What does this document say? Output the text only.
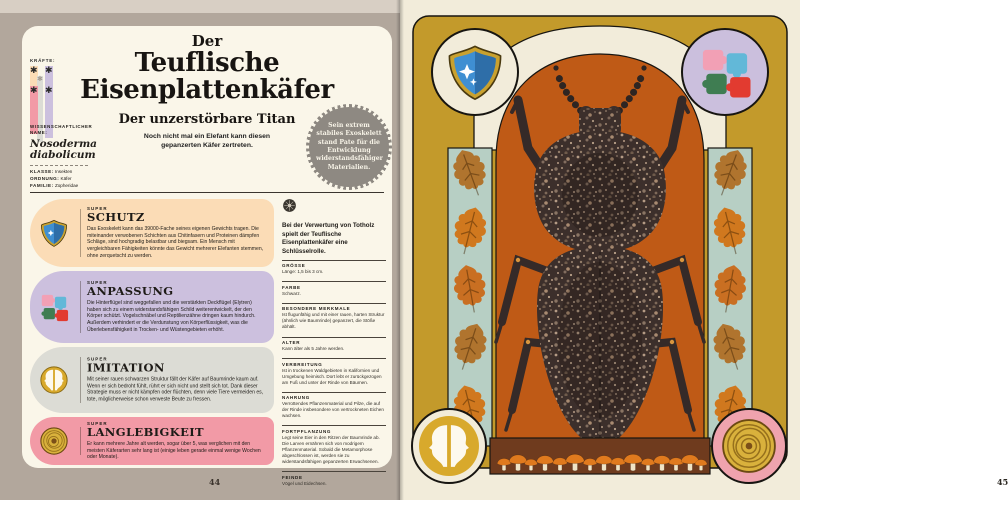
KRÄFTE:
✱ ✱
✱
✱ ✱
Der
Teuflische
Eisenplattenkäfer
Der unzerstörbare Titan
Noch nicht mal ein Elefant kann diesen gepanzerten Käfer zertreten.
WISSENSCHAFTLICHER NAME:
Nosoderma diabolicum
KLASSE: Insekten
ORDNUNG: Käfer
FAMILIE: Zopheridae
Sein extrem stabiles Exoskelett stand Pate für die Entwicklung widerstandsfähiger Materialien.
SUPER
SCHUTZ
Das Exoskelett kann das 39000-Fache seines eigenen Gewichts tragen. Die miteinander verwobenen Schichten aus Chitinfasern und Proteinen dämpfen Schläge, sind hochgradig belastbar und biegsam. Ein Mensch mit vergleichbaren Fähigkeiten könnte das Gewicht mehrerer Elefanten stemmen, ohne zerquetscht zu werden.
SUPER
ANPASSUNG
Die Hinterflügel sind weggefallen und die verstärkten Deckflügel (Elytren) haben sich zu einem widerstandsfähigen Schild weiterentwickelt, der den Körper schützt. Vogelschnäbel und Reptilienzähne dringen kaum hindurch. Außerdem verhindert er die Verdunstung von Körperflüssigkeit, was die Überlebensfähigkeit in Trocken- und Wüstengebieten erhöht.
SUPER
IMITATION
Mit seiner rauen schwarzen Struktur fällt der Käfer auf Baumrinde kaum auf. Wenn er sich bedroht fühlt, rührt er sich nicht und stellt sich tot. Dank dieser Strategie muss er nicht kämpfen oder flüchten, denn viele Tiere vermeiden es, tote, möglicherweise schon verweste Beute zu fressen.
SUPER
LANGLEBIGKEIT
Er kann mehrere Jahre alt werden, sogar über 5, was verglichen mit den meisten Käferarten sehr lang ist (einige leben gerade einmal wenige Wochen oder Monate).
Bei der Verwertung von Totholz spielt der Teuflische Eisenplattenkäfer eine Schlüsselrolle.
GRÖSSE
Länge: 1,5 bis 3 cm.
FARBE
Schwarz.
BESONDERE MERKMALE
Ist flugunfähig und mit einer rauen, harten Struktur (ähnlich wie Baumrinde) gepanzert, die Stöße abhält.
ALTER
Kann älter als 5 Jahre werden.
VERBREITUNG
Ist in trockenen Waldgebieten in Kalifornien und Umgebung heimisch. Dort lebt er zurückgezogen am Fuß und unter der Rinde von Bäumen.
NAHRUNG
Verrottendes Pflanzenmaterial und Pilze, die auf der Rinde insbesondere von vertrockneten Eichen wachsen.
FORTPFLANZUNG
Legt seine Eier in den Ritzen der Baumrinde ab. Die Larven ernähren sich von modrigem Pflanzenmaterial. Sobald die Metamorphose abgeschlossen ist, werden sie zu widerstandsfähigen gepanzerten Erwachsenen.
FEINDE
Vögel und Eidechsen.
44	45
